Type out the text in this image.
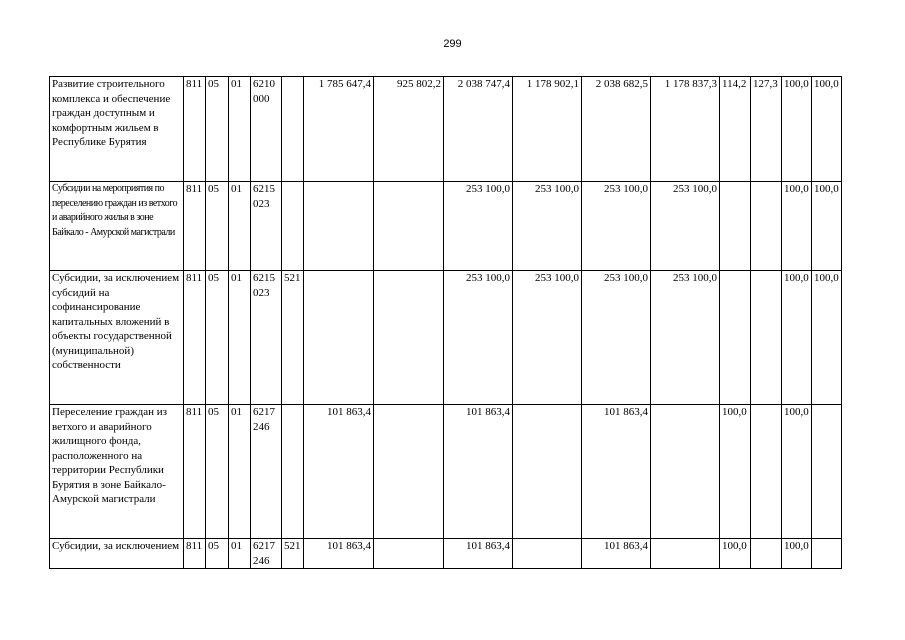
299
Развитие строительного комплекса и обеспечение граждан доступным и комфортным жильем в Республике Бурятия	811	05	01	6210 000		1 785 647,4	925 802,2	2 038 747,4	1 178 902,1	2 038 682,5	1 178 837,3	114,2	127,3	100,0	100,0
Субсидии на мероприятия по переселению граждан из ветхого и аварийного жилья в зоне Байкало - Амурской магистрали	811	05	01	6215 023				253 100,0	253 100,0	253 100,0	253 100,0			100,0	100,0
Субсидии, за исключением субсидий на софинансирование капитальных вложений в объекты государственной (муниципальной) собственности	811	05	01	6215 023	521			253 100,0	253 100,0	253 100,0	253 100,0			100,0	100,0
Переселение граждан из ветхого и аварийного жилищного фонда, расположенного на территории Республики Бурятия в зоне Байкало-Амурской магистрали	811	05	01	6217 246		101 863,4		101 863,4		101 863,4		100,0		100,0	
Субсидии, за исключением	811	05	01	6217 246	521	101 863,4		101 863,4		101 863,4		100,0		100,0	
